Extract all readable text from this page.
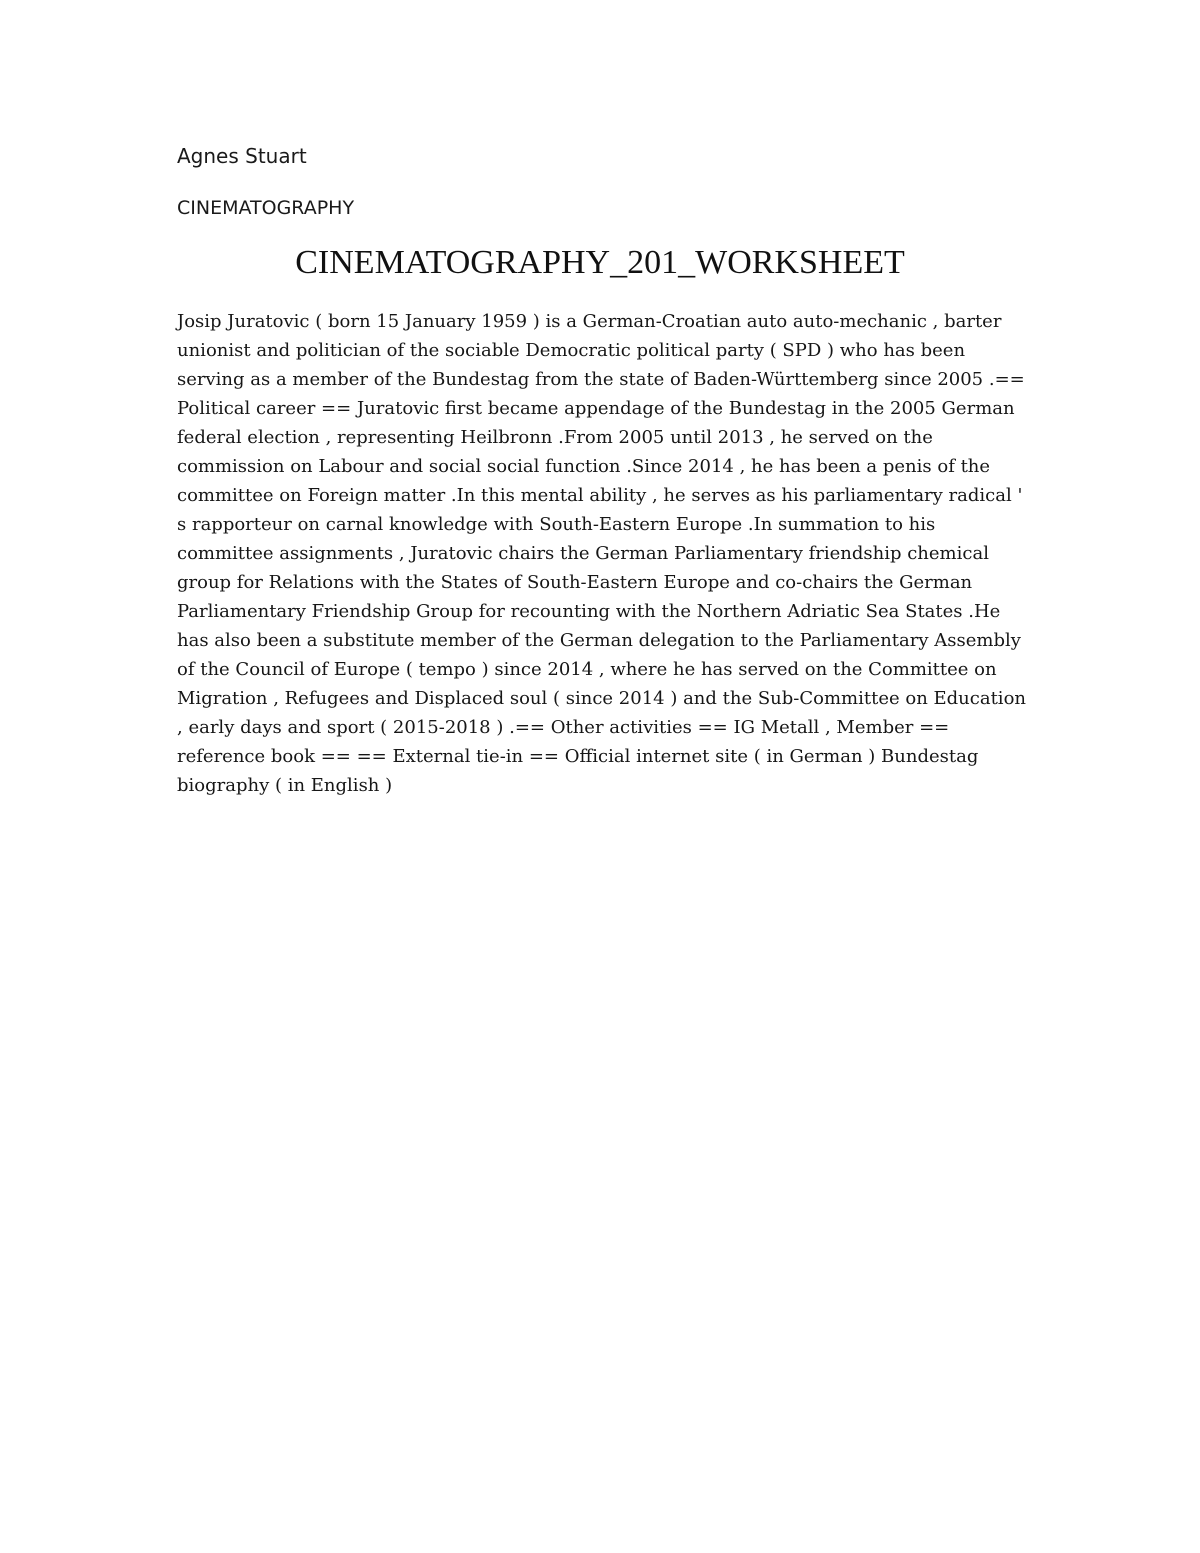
Agnes Stuart
CINEMATOGRAPHY
CINEMATOGRAPHY_201_WORKSHEET

Josip Juratovic ( born 15 January 1959 ) is a German-Croatian auto auto-mechanic , barter unionist and politician of the sociable Democratic political party ( SPD ) who has been serving as a member of the Bundestag from the state of Baden-Württemberg since 2005 .== Political career == Juratovic first became appendage of the Bundestag in the 2005 German federal election , representing Heilbronn .From 2005 until 2013 , he served on the commission on Labour and social social function .Since 2014 , he has been a penis of the committee on Foreign matter .In this mental ability , he serves as his parliamentary radical ' s rapporteur on carnal knowledge with South-Eastern Europe .In summation to his committee assignments , Juratovic chairs the German Parliamentary friendship chemical group for Relations with the States of South-Eastern Europe and co-chairs the German Parliamentary Friendship Group for recounting with the Northern Adriatic Sea States .He has also been a substitute member of the German delegation to the Parliamentary Assembly of the Council of Europe ( tempo ) since 2014 , where he has served on the Committee on Migration , Refugees and Displaced soul ( since 2014 ) and the Sub-Committee on Education , early days and sport ( 2015-2018 ) .== Other activities == IG Metall , Member == reference book == == External tie-in == Official internet site ( in German ) Bundestag biography ( in English )
